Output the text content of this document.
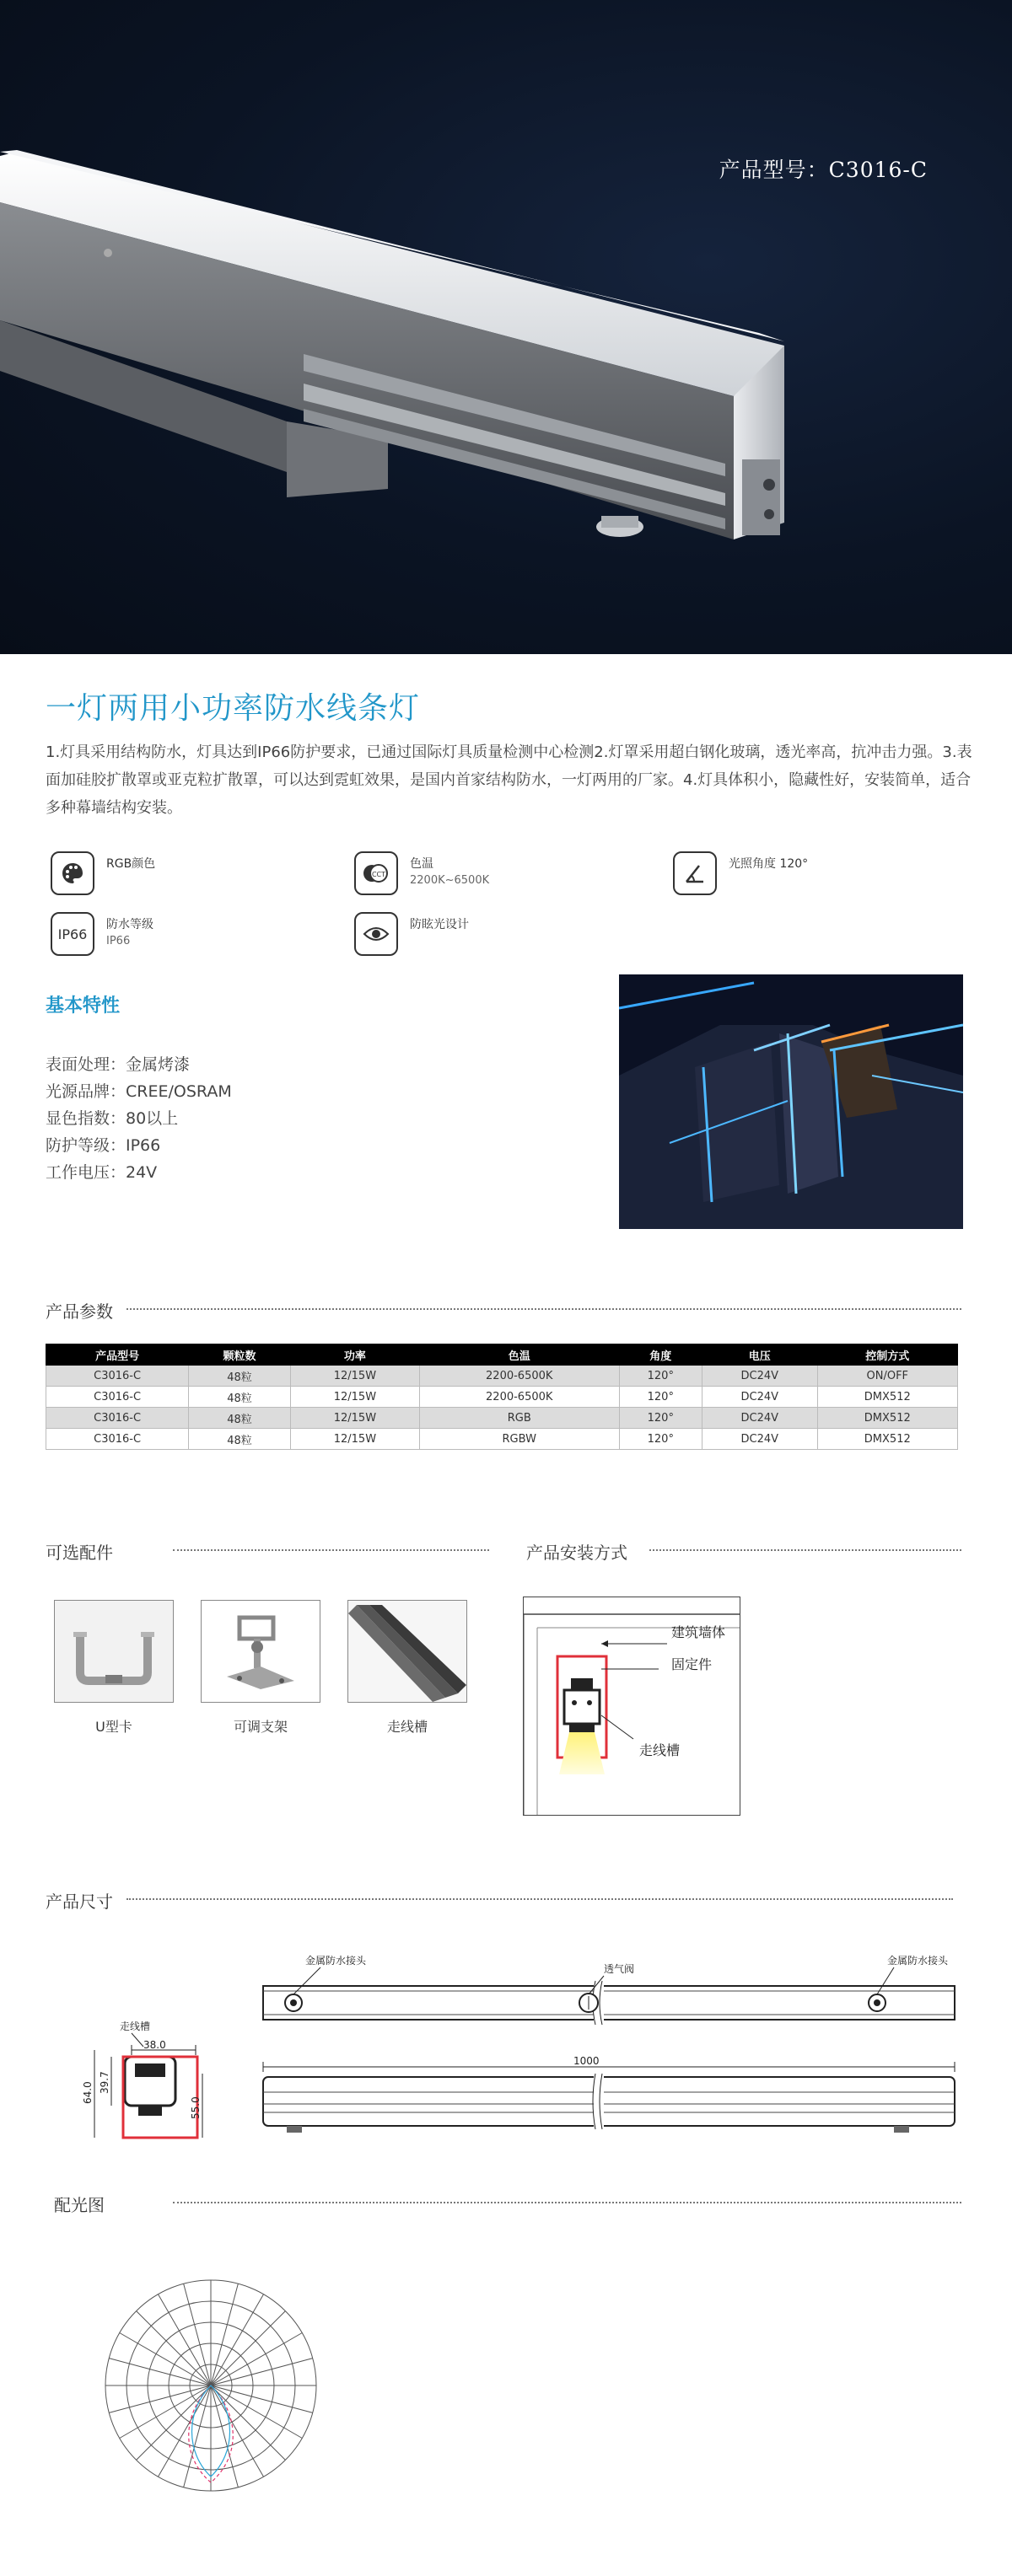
产品型号：C3016-C
一灯两用小功率防水线条灯
1.灯具采用结构防水，灯具达到IP66防护要求，已通过国际灯具质量检测中心检测2.灯罩采用超白钢化玻璃，透光率高，抗冲击力强。3.表面加硅胶扩散罩或亚克粒扩散罩，可以达到霓虹效果，是国内首家结构防水，一灯两用的厂家。4.灯具体积小，隐藏性好，安装简单，适合多种幕墙结构安装。
RGB颜色
CCT
色温
2200K~6500K
光照角度 120°
IP66
防水等级
IP66
防眩光设计
基本特性
表面处理：金属烤漆
光源品牌：CREE/OSRAM
显色指数：80以上
防护等级：IP66
工作电压：24V
产品参数
产品型号	颗粒数	功率	色温	角度	电压	控制方式
C3016-C	48粒	12/15W	2200-6500K	120°	DC24V	ON/OFF
C3016-C	48粒	12/15W	2200-6500K	120°	DC24V	DMX512
C3016-C	48粒	12/15W	RGB	120°	DC24V	DMX512
C3016-C	48粒	12/15W	RGBW	120°	DC24V	DMX512
可选配件
U型卡	可调支架	走线槽
产品安装方式
建筑墙体
固定件
走线槽
产品尺寸
金属防水接头
透气阀
金属防水接头
1000
走线槽
38.0
39.7
64.0
55.0
配光图
